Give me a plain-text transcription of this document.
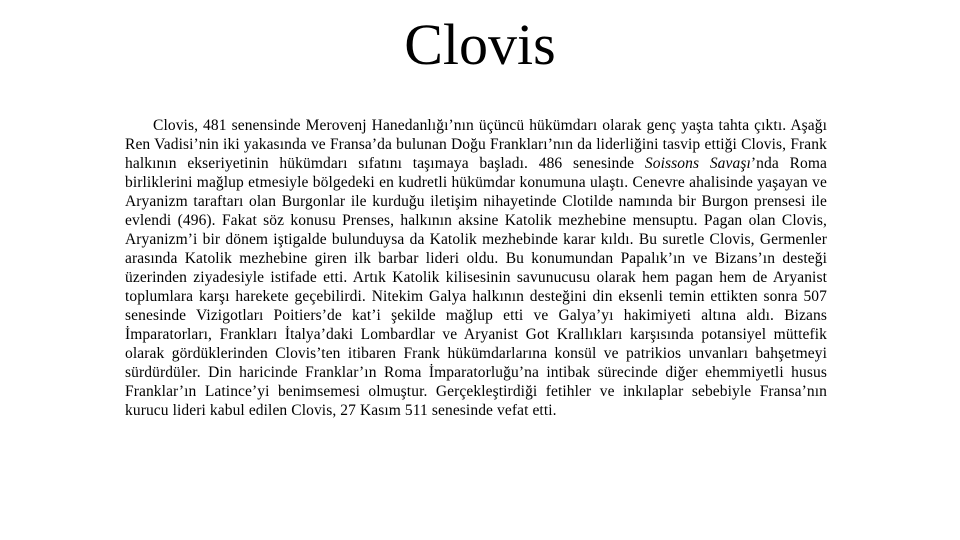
Clovis

Clovis, 481 senensinde Merovenj Hanedanlığı’nın üçüncü hükümdarı olarak genç yaşta tahta çıktı. Aşağı Ren Vadisi’nin iki yakasında ve Fransa’da bulunan Doğu Frankları’nın da liderliğini tasvip ettiği Clovis, Frank halkının ekseriyetinin hükümdarı sıfatını taşımaya başladı. 486 senesinde Soissons Savaşı’nda Roma birliklerini mağlup etmesiyle bölgedeki en kudretli hükümdar konumuna ulaştı. Cenevre ahalisinde yaşayan ve Aryanizm taraftarı olan Burgonlar ile kurduğu iletişim nihayetinde Clotilde namında bir Burgon prensesi ile evlendi (496). Fakat söz konusu Prenses, halkının aksine Katolik mezhebine mensuptu. Pagan olan Clovis, Aryanizm’i bir dönem iştigalde bulunduysa da Katolik mezhebinde karar kıldı. Bu suretle Clovis, Germenler arasında Katolik mezhebine giren ilk barbar lideri oldu. Bu konumundan Papalık’ın ve Bizans’ın desteği üzerinden ziyadesiyle istifade etti. Artık Katolik kilisesinin savunucusu olarak hem pagan hem de Aryanist toplumlara karşı harekete geçebilirdi. Nitekim Galya halkının desteğini din eksenli temin ettikten sonra 507 senesinde Vizigotları Poitiers’de kat’i şekilde mağlup etti ve Galya’yı hakimiyeti altına aldı. Bizans İmparatorları, Frankları İtalya’daki Lombardlar ve Aryanist Got Krallıkları karşısında potansiyel müttefik olarak gördüklerinden Clovis’ten itibaren Frank hükümdarlarına konsül ve patrikios unvanları bahşetmeyi sürdürdüler. Din haricinde Franklar’ın Roma İmparatorluğu’na intibak sürecinde diğer ehemmiyetli husus Franklar’ın Latince’yi benimsemesi olmuştur. Gerçekleştirdiği fetihler ve inkılaplar sebebiyle Fransa’nın kurucu lideri kabul edilen Clovis, 27 Kasım 511 senesinde vefat etti.
